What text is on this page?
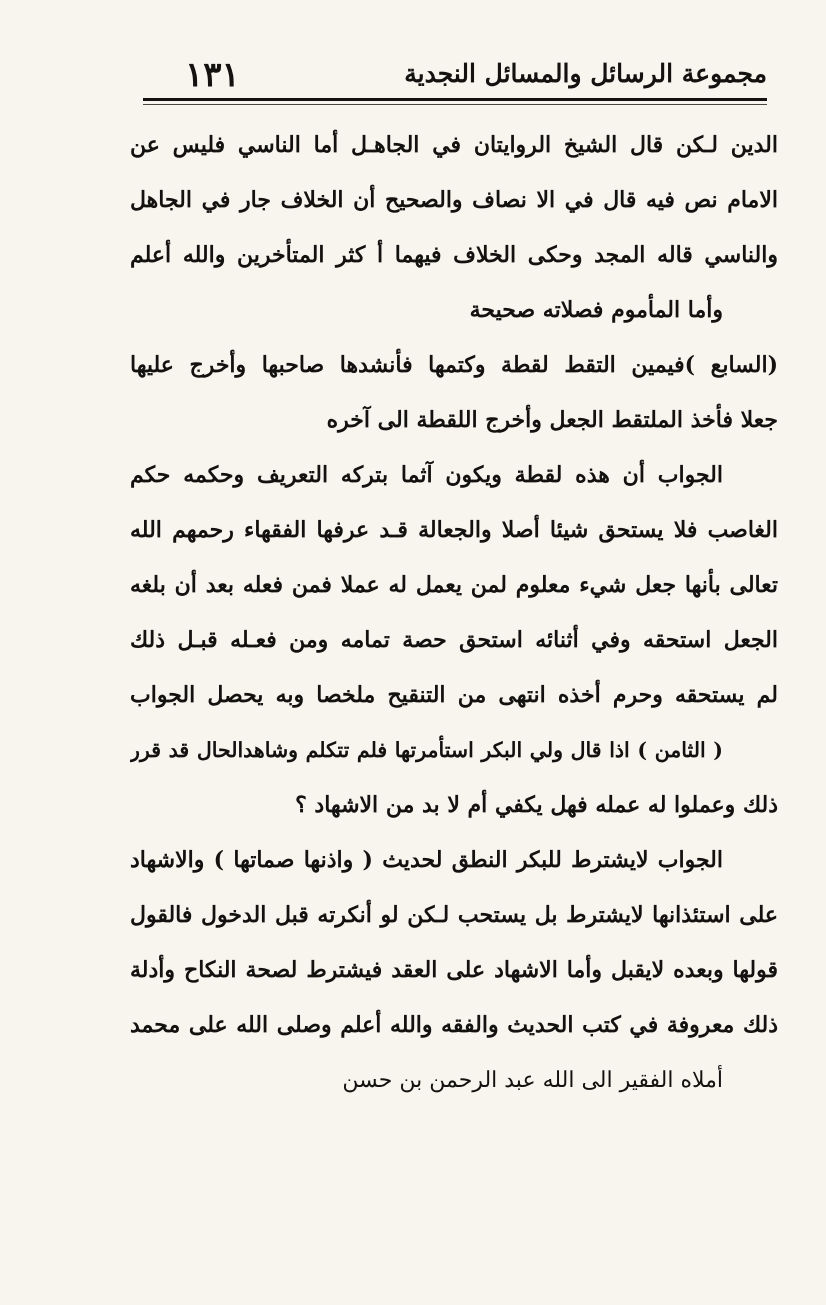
مجموعة الرسائل والمسائل النجدية
١٣١
الدين لـكن قال الشيخ الروايتان في الجاهـل أما الناسي فليس عن
الامام نص فيه قال في الا نصاف والصحيح أن الخلاف جار في الجاهل
والناسي قاله المجد وحكى الخلاف فيهما أ كثر المتأخرين والله أعلم
وأما المأموم فصلاته صحيحة
(السابع )فيمين التقط لقطة وكتمها فأنشدها صاحبها وأخرج عليها
جعلا فأخذ الملتقط الجعل وأخرج اللقطة الى آخره
الجواب أن هذه لقطة ويكون آثما بتركه التعريف وحكمه حكم
الغاصب فلا يستحق شيئا أصلا والجعالة قـد عرفها الفقهاء رحمهم الله
تعالى بأنها جعل شيء معلوم لمن يعمل له عملا فمن فعله بعد أن بلغه
الجعل استحقه وفي أثنائه استحق حصة تمامه ومن فعـله قبـل ذلك
لم يستحقه وحرم أخذه انتهى من التنقيح ملخصا وبه يحصل الجواب
( الثامن ) اذا قال ولي البكر استأمرتها فلم تتكلم وشاهدالحال قد قرر
ذلك وعملوا له عمله فهل يكفي أم لا بد من الاشهاد ؟
الجواب لايشترط للبكر النطق لحديث ( واذنها صماتها ) والاشهاد
على استئذانها لايشترط بل يستحب لـكن لو أنكرته قبل الدخول فالقول
قولها وبعده لايقبل وأما الاشهاد على العقد فيشترط لصحة النكاح وأدلة
ذلك معروفة في كتب الحديث والفقه والله أعلم وصلى الله على محمد
أملاه الفقير الى الله عبد الرحمن بن حسن
